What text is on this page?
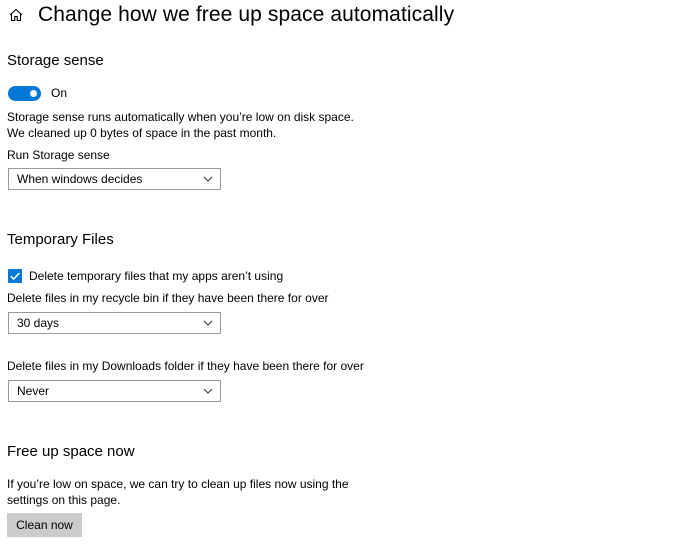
Change how we free up space automatically
Storage sense
On
Storage sense runs automatically when you’re low on disk space.
We cleaned up 0 bytes of space in the past month.
Run Storage sense
When windows decides
Temporary Files
Delete temporary files that my apps aren’t using
Delete files in my recycle bin if they have been there for over
30 days
Delete files in my Downloads folder if they have been there for over
Never
Free up space now
If you’re low on space, we can try to clean up files now using the
settings on this page.
Clean now
